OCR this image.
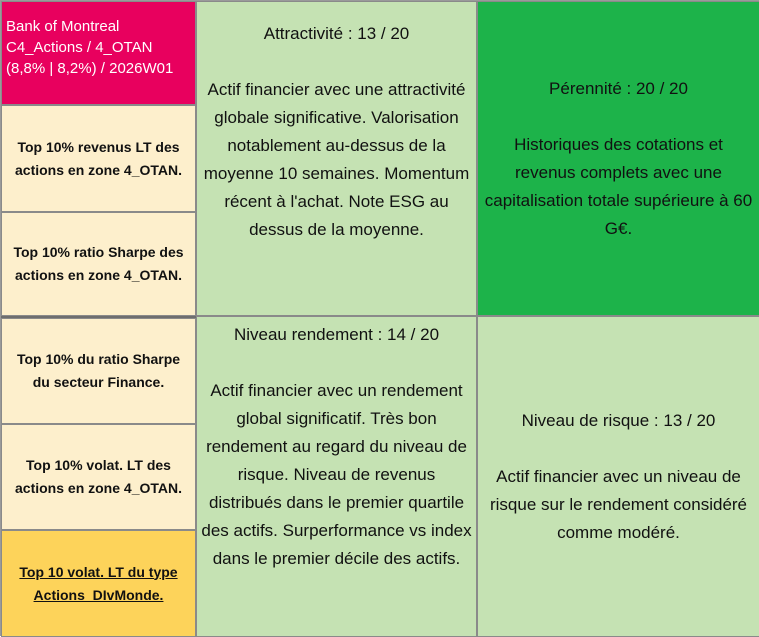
Bank of Montreal
C4_Actions / 4_OTAN
(8,8% | 8,2%) / 2026W01
Top 10% revenus LT des actions en zone 4_OTAN.
Top 10% ratio Sharpe des actions en zone 4_OTAN.
Top 10% du ratio Sharpe du secteur Finance.
Top 10% volat. LT des actions en zone 4_OTAN.
Top 10 volat. LT du type Actions_DIvMonde.
Attractivité : 13 / 20
Actif financier avec une attractivité globale significative. Valorisation notablement au-dessus de la moyenne 10 semaines. Momentum récent à l'achat. Note ESG au dessus de la moyenne.
Pérennité : 20 / 20
Historiques des cotations et revenus complets avec une capitalisation totale supérieure à 60 G€.
Niveau rendement : 14 / 20
Actif financier avec un rendement global significatif. Très bon rendement au regard du niveau de risque. Niveau de revenus distribués dans le premier quartile des actifs. Surperformance vs index dans le premier décile des actifs.
Niveau de risque : 13 / 20
Actif financier avec un niveau de risque sur le rendement considéré comme modéré.
